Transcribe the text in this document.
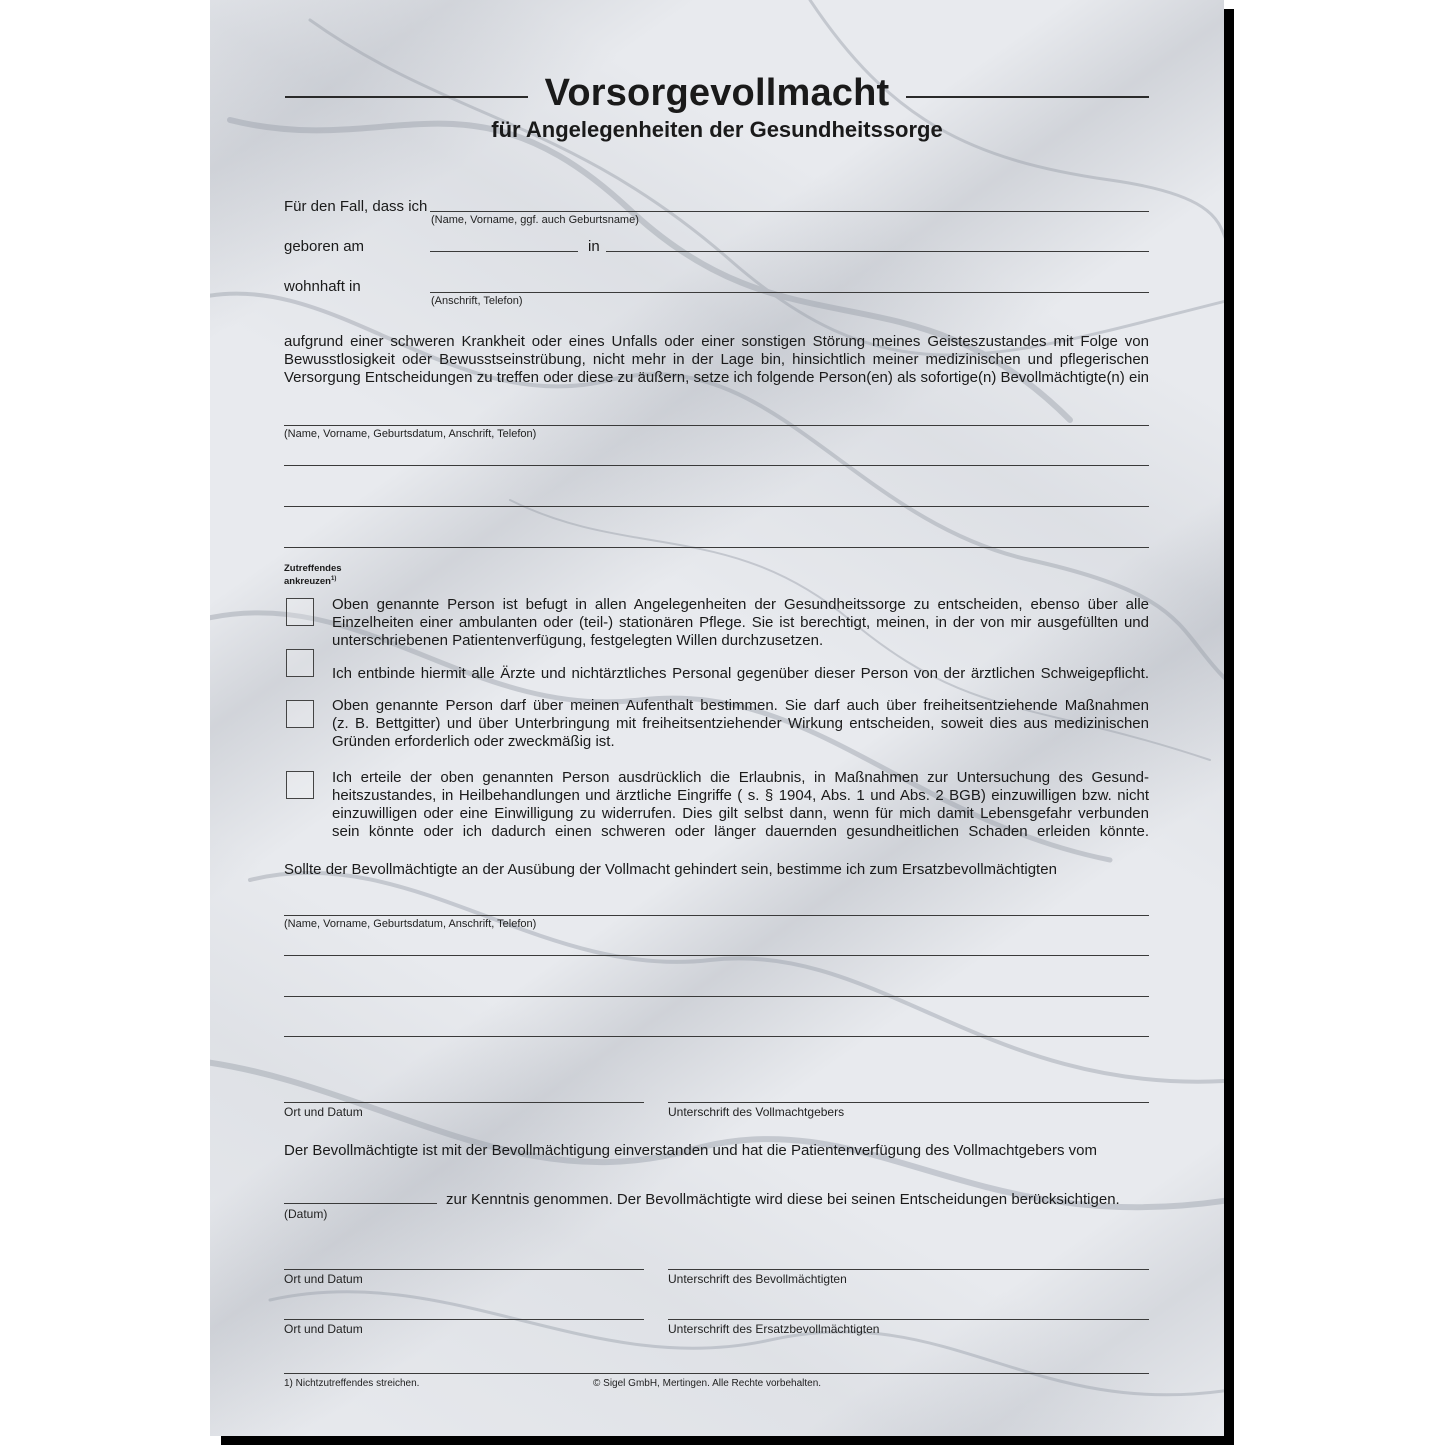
Vorsorgevollmacht
für Angelegenheiten der Gesundheitssorge
Für den Fall, dass ich
(Name, Vorname, ggf. auch Geburtsname)
geboren am	in
wohnhaft in
(Anschrift, Telefon)
aufgrund einer schweren Krankheit oder eines Unfalls oder einer sonstigen Störung meines Geisteszustandes mit Folge von
Bewusstlosigkeit oder Bewusstseinstrübung, nicht mehr in der Lage bin, hinsichtlich meiner medizinischen und pflegerischen
Versorgung Entscheidungen zu treffen oder diese zu äußern, setze ich folgende Person(en) als sofortige(n) Bevollmächtigte(n) ein
(Name, Vorname, Geburtsdatum, Anschrift, Telefon)
Zutreffendes
ankreuzen$^{1)}$
Oben genannte Person ist befugt in allen Angelegenheiten der Gesundheitssorge zu entscheiden, ebenso über alle
Einzelheiten einer ambulanten oder (teil-) stationären Pflege. Sie ist berechtigt, meinen, in der von mir ausgefüllten und
unterschriebenen Patientenverfügung, festgelegten Willen durchzusetzen.
Ich entbinde hiermit alle Ärzte und nichtärztliches Personal gegenüber dieser Person von der ärztlichen Schweigepflicht.
Oben genannte Person darf über meinen Aufenthalt bestimmen. Sie darf auch über freiheitsentziehende Maßnahmen
(z. B. Bettgitter) und über Unterbringung mit freiheitsentziehender Wirkung entscheiden, soweit dies aus medizinischen
Gründen erforderlich oder zweckmäßig ist.
Ich erteile der oben genannten Person ausdrücklich die Erlaubnis, in Maßnahmen zur Untersuchung des Gesund-
heitszustandes, in Heilbehandlungen und ärztliche Eingriffe ( s. § 1904, Abs. 1 und Abs. 2 BGB) einzuwilligen bzw. nicht
einzuwilligen oder eine Einwilligung zu widerrufen. Dies gilt selbst dann, wenn für mich damit Lebensgefahr verbunden
sein könnte oder ich dadurch einen schweren oder länger dauernden gesundheitlichen Schaden erleiden könnte.
Sollte der Bevollmächtigte an der Ausübung der Vollmacht gehindert sein, bestimme ich zum Ersatzbevollmächtigten
(Name, Vorname, Geburtsdatum, Anschrift, Telefon)
Ort und Datum	Unterschrift des Vollmachtgebers
Der Bevollmächtigte ist mit der Bevollmächtigung einverstanden und hat die Patientenverfügung des Vollmachtgebers vom
zur Kenntnis genommen. Der Bevollmächtigte wird diese bei seinen Entscheidungen berücksichtigen.
(Datum)
Ort und Datum	Unterschrift des Bevollmächtigten
Ort und Datum	Unterschrift des Ersatzbevollmächtigten
1) Nichtzutreffendes streichen.	© Sigel GmbH, Mertingen. Alle Rechte vorbehalten.
